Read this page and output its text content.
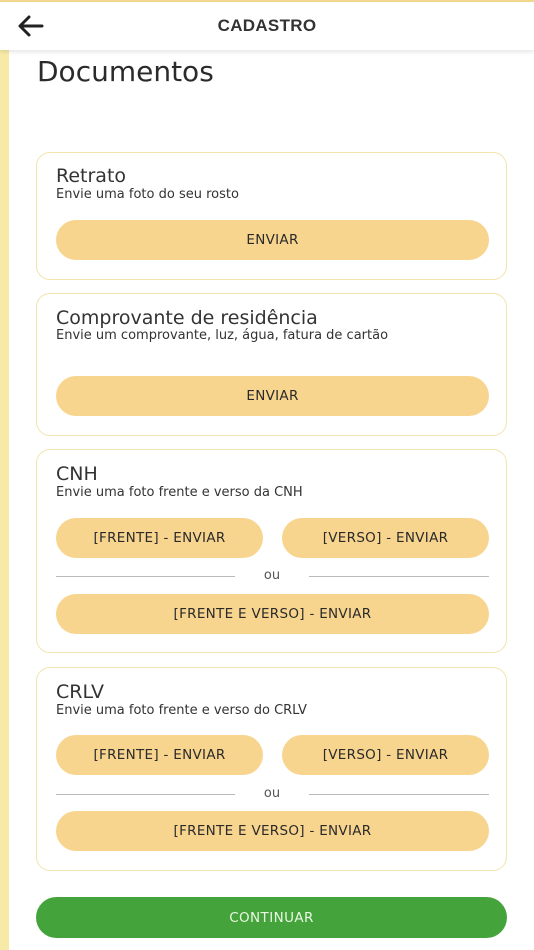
CADASTRO
Documentos
Retrato
Envie uma foto do seu rosto
ENVIAR
Comprovante de residência
Envie um comprovante, luz, água, fatura de cartão
ENVIAR
CNH
Envie uma foto frente e verso da CNH
[FRENTE] - ENVIAR	[VERSO] - ENVIAR
ou
[FRENTE E VERSO] - ENVIAR
CRLV
Envie uma foto frente e verso do CRLV
[FRENTE] - ENVIAR	[VERSO] - ENVIAR
ou
[FRENTE E VERSO] - ENVIAR
CONTINUAR
